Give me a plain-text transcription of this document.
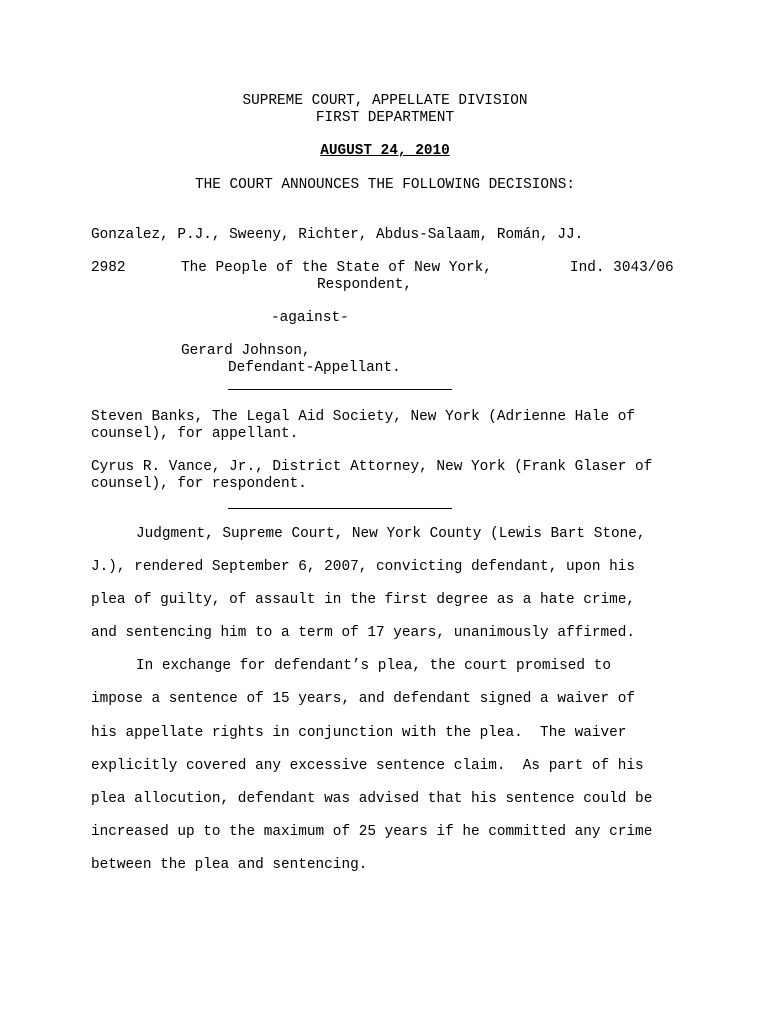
SUPREME COURT, APPELLATE DIVISION
FIRST DEPARTMENT
AUGUST 24, 2010
THE COURT ANNOUNCES THE FOLLOWING DECISIONS:
Gonzalez, P.J., Sweeny, Richter, Abdus-Salaam, Román, JJ.
2982	The People of the State of New York,	Ind. 3043/06
Respondent,
-against-
Gerard Johnson,
Defendant-Appellant.
Steven Banks, The Legal Aid Society, New York (Adrienne Hale of
counsel), for appellant.
Cyrus R. Vance, Jr., District Attorney, New York (Frank Glaser of
counsel), for respondent.
Judgment, Supreme Court, New York County (Lewis Bart Stone,
J.), rendered September 6, 2007, convicting defendant, upon his
plea of guilty, of assault in the first degree as a hate crime,
and sentencing him to a term of 17 years, unanimously affirmed.
In exchange for defendant’s plea, the court promised to
impose a sentence of 15 years, and defendant signed a waiver of
his appellate rights in conjunction with the plea.  The waiver
explicitly covered any excessive sentence claim.  As part of his
plea allocution, defendant was advised that his sentence could be
increased up to the maximum of 25 years if he committed any crime
between the plea and sentencing.
